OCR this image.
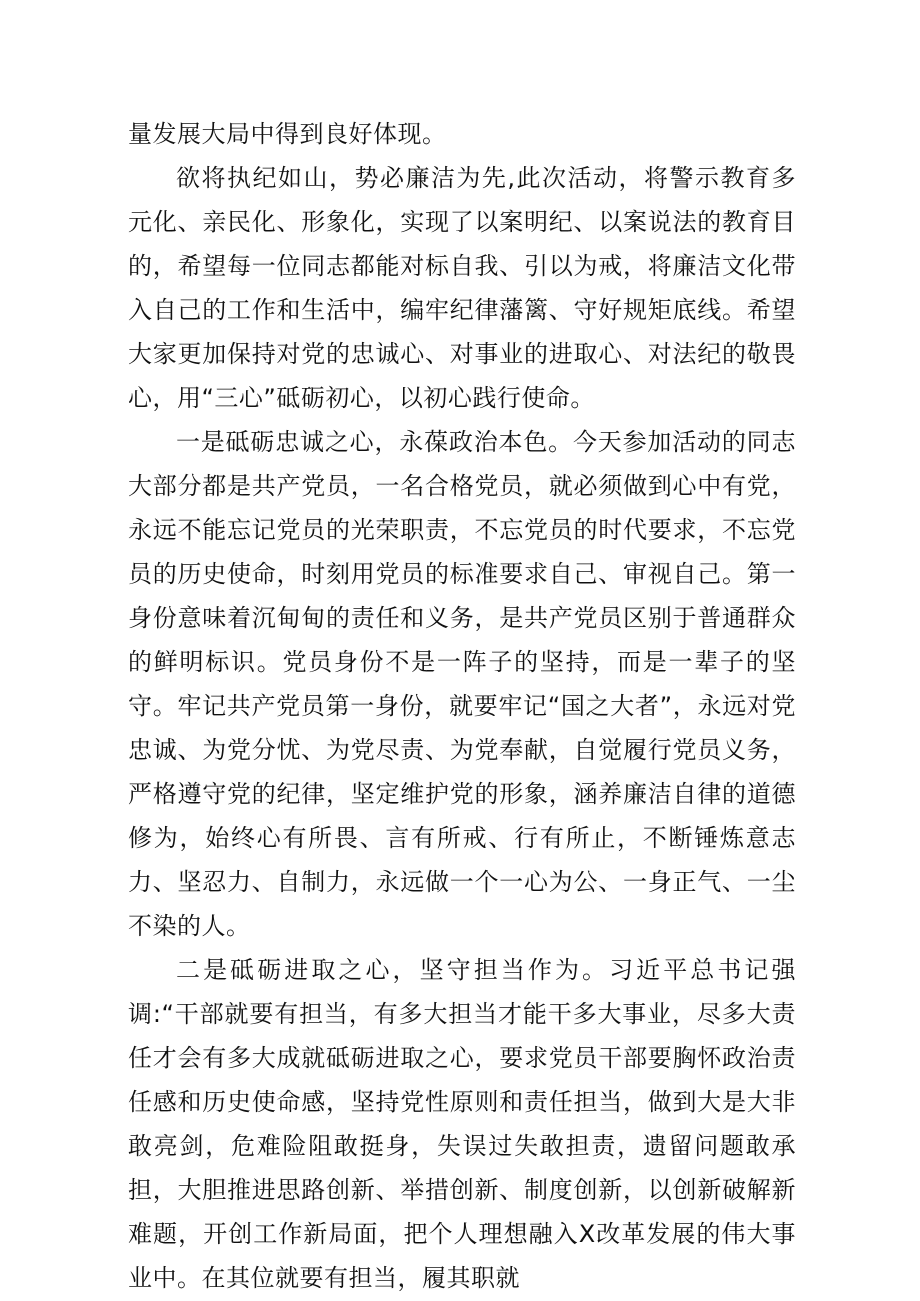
量发展大局中得到良好体现。

欲将执纪如山，势必廉洁为先,此次活动，将警示教育多元化、亲民化、形象化，实现了以案明纪、以案说法的教育目的，希望每一位同志都能对标自我、引以为戒，将廉洁文化带入自己的工作和生活中，编牢纪律藩篱、守好规矩底线。希望大家更加保持对党的忠诚心、对事业的进取心、对法纪的敬畏心，用“三心”砥砺初心，以初心践行使命。

一是砥砺忠诚之心，永葆政治本色。今天参加活动的同志大部分都是共产党员，一名合格党员，就必须做到心中有党，永远不能忘记党员的光荣职责，不忘党员的时代要求，不忘党员的历史使命，时刻用党员的标准要求自己、审视自己。第一身份意味着沉甸甸的责任和义务，是共产党员区别于普通群众的鲜明标识。党员身份不是一阵子的坚持，而是一辈子的坚守。牢记共产党员第一身份，就要牢记“国之大者”，永远对党忠诚、为党分忧、为党尽责、为党奉献，自觉履行党员义务，严格遵守党的纪律，坚定维护党的形象，涵养廉洁自律的道德修为，始终心有所畏、言有所戒、行有所止，不断锤炼意志力、坚忍力、自制力，永远做一个一心为公、一身正气、一尘不染的人。

二是砥砺进取之心，坚守担当作为。习近平总书记强调:“干部就要有担当，有多大担当才能干多大事业，尽多大责任才会有多大成就砥砺进取之心，要求党员干部要胸怀政治责任感和历史使命感，坚持党性原则和责任担当，做到大是大非敢亮剑，危难险阻敢挺身，失误过失敢担责，遗留问题敢承担，大胆推进思路创新、举措创新、制度创新，以创新破解新难题，开创工作新局面，把个人理想融入X改革发展的伟大事业中。在其位就要有担当，履其职就
